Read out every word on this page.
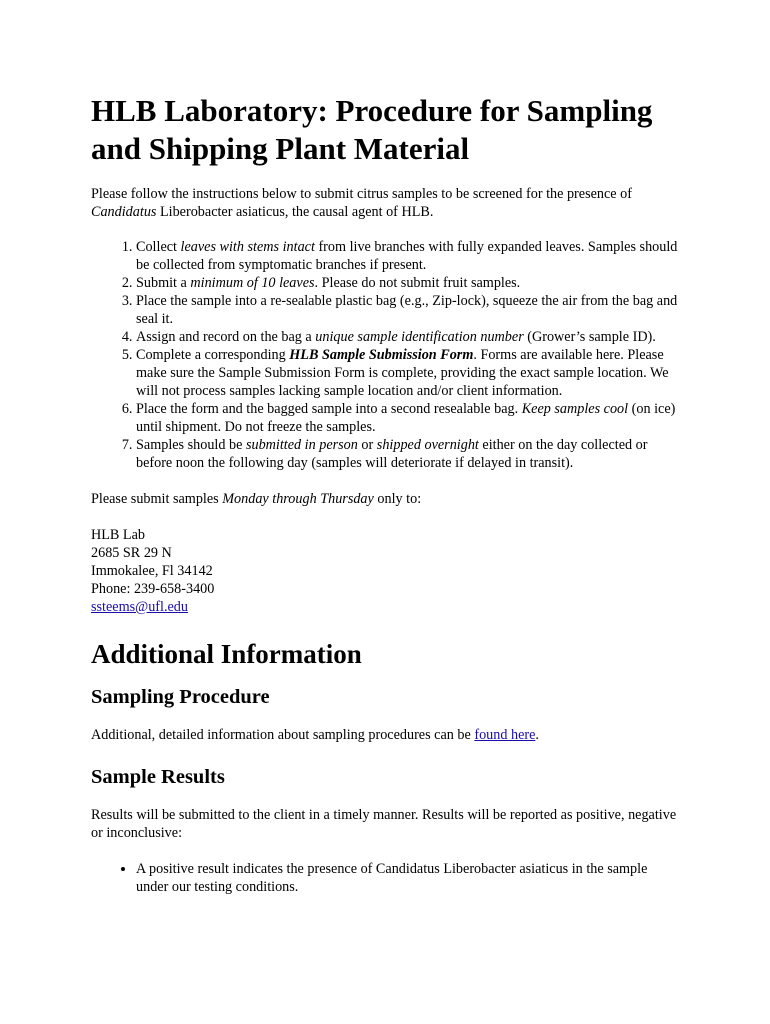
HLB Laboratory: Procedure for Sampling and Shipping Plant Material

Please follow the instructions below to submit citrus samples to be screened for the presence of Candidatus Liberobacter asiaticus, the causal agent of HLB.

1. Collect leaves with stems intact from live branches with fully expanded leaves. Samples should be collected from symptomatic branches if present.
2. Submit a minimum of 10 leaves. Please do not submit fruit samples.
3. Place the sample into a re-sealable plastic bag (e.g., Zip-lock), squeeze the air from the bag and seal it.
4. Assign and record on the bag a unique sample identification number (Grower’s sample ID).
5. Complete a corresponding HLB Sample Submission Form. Forms are available here. Please make sure the Sample Submission Form is complete, providing the exact sample location. We will not process samples lacking sample location and/or client information.
6. Place the form and the bagged sample into a second resealable bag. Keep samples cool (on ice) until shipment. Do not freeze the samples.
7. Samples should be submitted in person or shipped overnight either on the day collected or before noon the following day (samples will deteriorate if delayed in transit).

Please submit samples Monday through Thursday only to:

HLB Lab

2685 SR 29 N

Immokalee, Fl 34142

Phone: 239-658-3400

ssteems@ufl.edu

Additional Information
Sampling Procedure

Additional, detailed information about sampling procedures can be found here.

Sample Results

Results will be submitted to the client in a timely manner. Results will be reported as positive, negative or inconclusive:

• A positive result indicates the presence of Candidatus Liberobacter asiaticus in the sample under our testing conditions.
